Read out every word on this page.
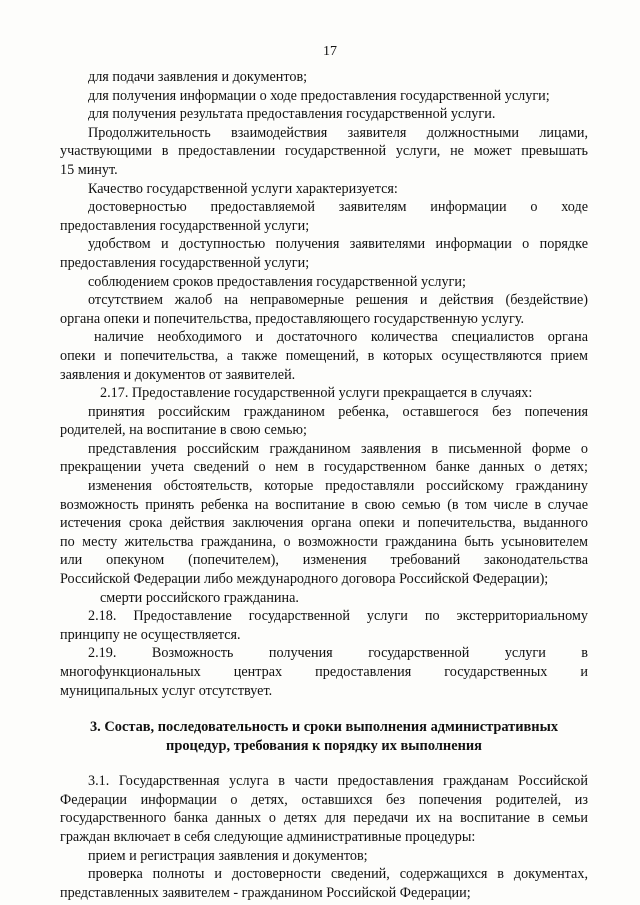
17
для подачи заявления и документов;
для получения информации о ходе предоставления государственной услуги;
для получения результата предоставления государственной услуги.
Продолжительность взаимодействия заявителя должностными лицами,
участвующими в предоставлении государственной услуги, не может превышать
15 минут.
Качество государственной услуги характеризуется:
достоверностью предоставляемой заявителям информации о ходе
предоставления государственной услуги;
удобством и доступностью получения заявителями информации о порядке
предоставления государственной услуги;
соблюдением сроков предоставления государственной услуги;
отсутствием жалоб на неправомерные решения и действия (бездействие)
органа опеки и попечительства, предоставляющего государственную услугу.
наличие необходимого и достаточного количества специалистов органа
опеки и попечительства, а также помещений, в которых осуществляются прием
заявления и документов от заявителей.
2.17. Предоставление государственной услуги прекращается в случаях:
принятия российским гражданином ребенка, оставшегося без попечения
родителей, на воспитание в свою семью;
представления российским гражданином заявления в письменной форме о
прекращении учета сведений о нем в государственном банке данных о детях;
изменения обстоятельств, которые предоставляли российскому гражданину
возможность принять ребенка на воспитание в свою семью (в том числе в случае
истечения срока действия заключения органа опеки и попечительства, выданного
по месту жительства гражданина, о возможности гражданина быть усыновителем
или опекуном (попечителем), изменения требований законодательства
Российской Федерации либо международного договора Российской Федерации);
смерти российского гражданина.
2.18. Предоставление государственной услуги по экстерриториальному
принципу не осуществляется.
2.19. Возможность получения государственной услуги в
многофункциональных центрах предоставления государственных и
муниципальных услуг отсутствует.
3. Состав, последовательность и сроки выполнения административных
процедур, требования к порядку их выполнения
3.1. Государственная услуга в части предоставления гражданам Российской
Федерации информации о детях, оставшихся без попечения родителей, из
государственного банка данных о детях для передачи их на воспитание в семьи
граждан включает в себя следующие административные процедуры:
прием и регистрация заявления и документов;
проверка полноты и достоверности сведений, содержащихся в документах,
представленных заявителем - гражданином Российской Федерации;
